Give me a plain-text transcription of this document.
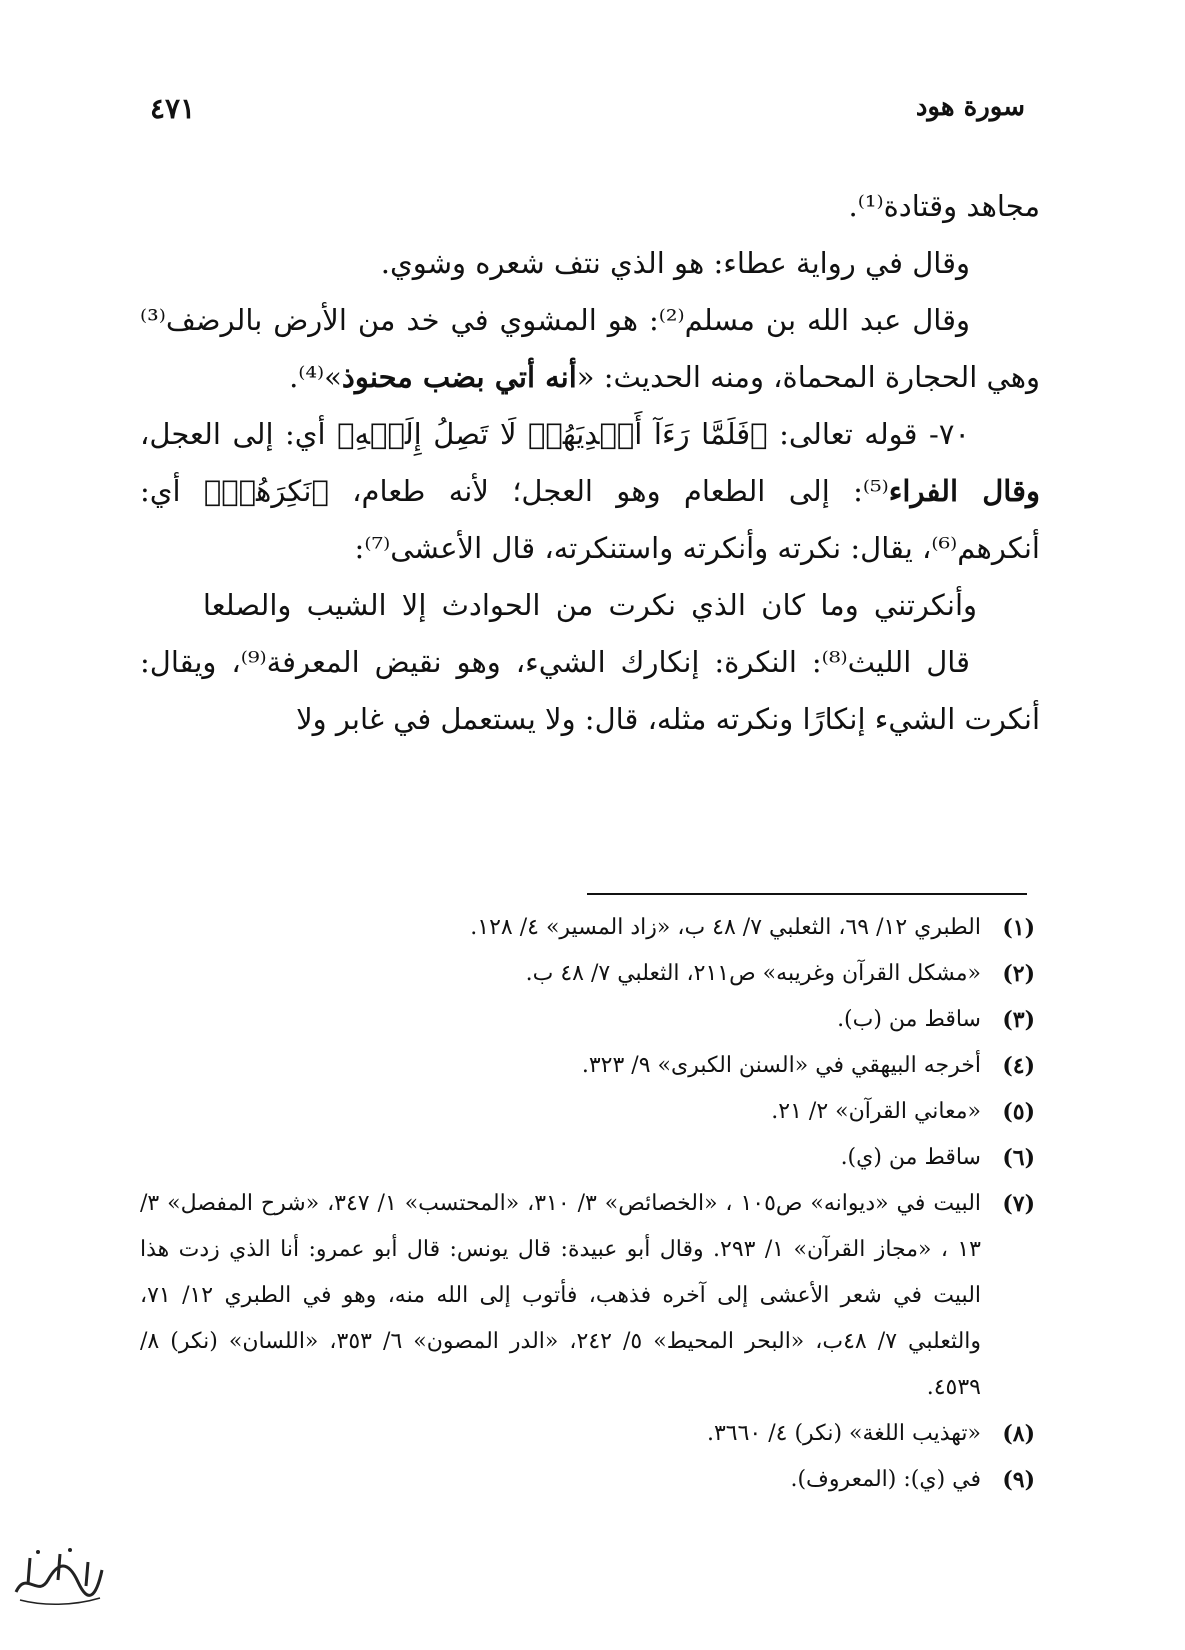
سورة هود
٤٧١

مجاهد وقتادة⁽¹⁾.

وقال في رواية عطاء: هو الذي نتف شعره وشوي.

وقال عبد الله بن مسلم⁽²⁾: هو المشوي في خد من الأرض بالرضف⁽³⁾ وهي الحجارة المحماة، ومنه الحديث: «أنه أتي بضب محنوذ»⁽⁴⁾.

٧٠- قوله تعالى: ﴿فَلَمَّا رَءَآ أَيۡدِيَهُمۡ لَا تَصِلُ إِلَيۡهِ﴾ أي: إلى العجل، وقال الفراء⁽⁵⁾: إلى الطعام وهو العجل؛ لأنه طعام، ﴿نَكِرَهُمۡ﴾ أي: أنكرهم⁽⁶⁾، يقال: نكرته وأنكرته واستنكرته، قال الأعشى⁽⁷⁾:

وأنكرتني وما كان الذي نكرت من الحوادث إلا الشيب والصلعا

قال الليث⁽⁸⁾: النكرة: إنكارك الشيء، وهو نقيض المعرفة⁽⁹⁾، ويقال: أنكرت الشيء إنكارًا ونكرته مثله، قال: ولا يستعمل في غابر ولا

(١)
الطبري ١٢/ ٦٩، الثعلبي ٧/ ٤٨ ب، «زاد المسير» ٤/ ١٢٨.
(٢)
«مشكل القرآن وغريبه» ص٢١١، الثعلبي ٧/ ٤٨ ب.
(٣)
ساقط من (ب).
(٤)
أخرجه البيهقي في «السنن الكبرى» ٩/ ٣٢٣.
(٥)
«معاني القرآن» ٢/ ٢١.
(٦)
ساقط من (ي).
(٧)
البيت في «ديوانه» ص١٠٥ ، «الخصائص» ٣/ ٣١٠، «المحتسب» ١/ ٣٤٧، «شرح المفصل» ٣/ ١٣ ، «مجاز القرآن» ١/ ٢٩٣. وقال أبو عبيدة: قال يونس: قال أبو عمرو: أنا الذي زدت هذا البيت في شعر الأعشى إلى آخره فذهب، فأتوب إلى الله منه، وهو في الطبري ١٢/ ٧١، والثعلبي ٧/ ٤٨ب، «البحر المحيط» ٥/ ٢٤٢، «الدر المصون» ٦/ ٣٥٣، «اللسان» (نكر) ٨/ ٤٥٣٩.
(٨)
«تهذيب اللغة» (نكر) ٤/ ٣٦٦٠.
(٩)
في (ي): (المعروف).
